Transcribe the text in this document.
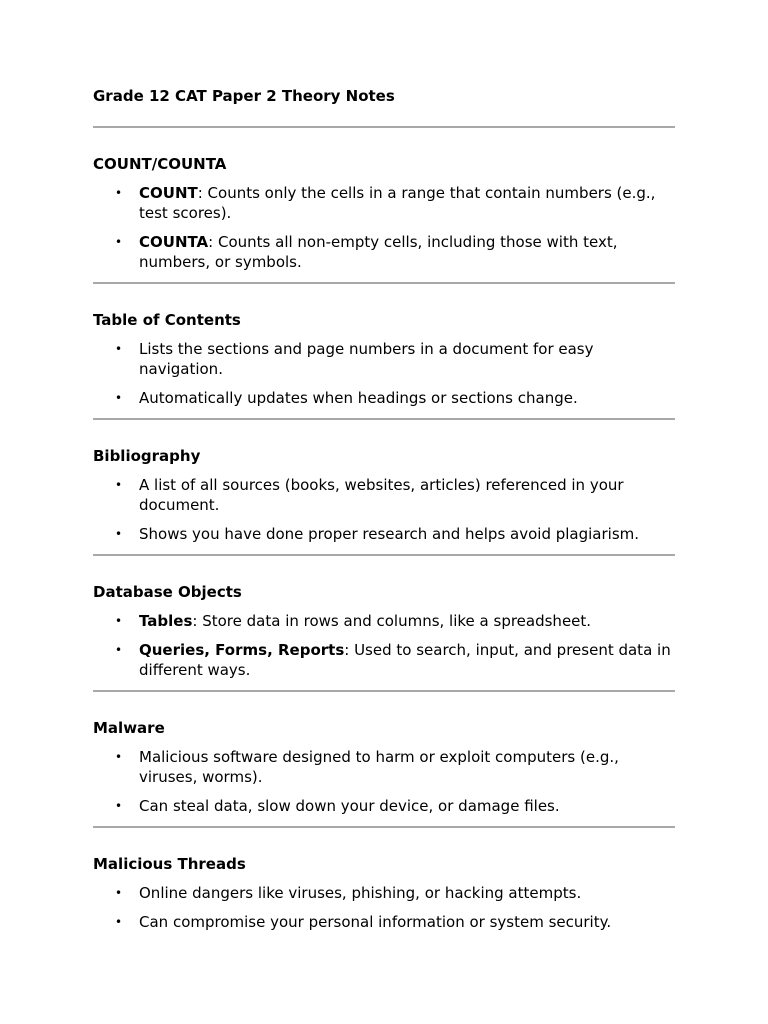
Grade 12 CAT Paper 2 Theory Notes

COUNT/COUNTA

• COUNT: Counts only the cells in a range that contain numbers (e.g., test scores).
• COUNTA: Counts all non-empty cells, including those with text, numbers, or symbols.

Table of Contents

• Lists the sections and page numbers in a document for easy navigation.
• Automatically updates when headings or sections change.

Bibliography

• A list of all sources (books, websites, articles) referenced in your document.
• Shows you have done proper research and helps avoid plagiarism.

Database Objects

• Tables: Store data in rows and columns, like a spreadsheet.
• Queries, Forms, Reports: Used to search, input, and present data in different ways.

Malware

• Malicious software designed to harm or exploit computers (e.g., viruses, worms).
• Can steal data, slow down your device, or damage files.

Malicious Threads

• Online dangers like viruses, phishing, or hacking attempts.
• Can compromise your personal information or system security.
